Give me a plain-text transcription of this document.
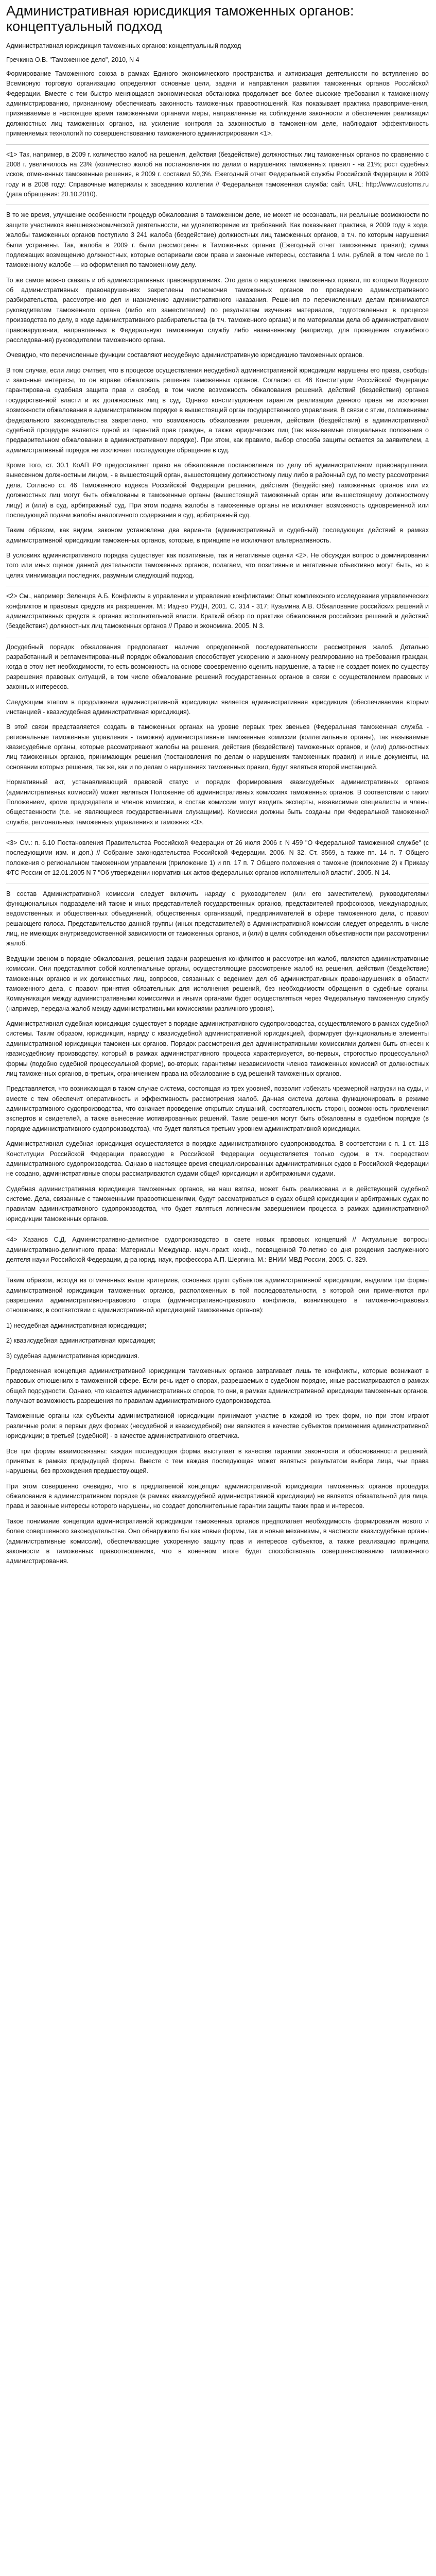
Административная юрисдикция таможенных органов: концептуальный подход
Административная юрисдикция таможенных органов: концептуальный подход
Гречкина О.В. "Таможенное дело", 2010, N 4

Формирование Таможенного союза в рамках Единого экономического пространства и активизация деятельности по вступлению во Всемирную торговую организацию определяют основные цели, задачи и направления развития таможенных органов Российской Федерации. Вместе с тем быстро меняющаяся экономическая обстановка продолжает все более высокие требования к таможенному администрированию, признанному обеспечивать законность таможенных правоотношений. Как показывает практика правоприменения, признаваемые в настоящее время таможенными органами меры, направленные на соблюдение законности и обеспечения реализации должностных лиц таможенных органов, на усиление контроля за законностью в таможенном деле, наблюдают эффективность применяемых технологий по совершенствованию таможенного администрирования <1>.

<1> Так, например, в 2009 г. количество жалоб на решения, действия (бездействие) должностных лиц таможенных органов по сравнению с 2008 г. увеличилось на 23% (количество жалоб на постановления по делам о нарушениях таможенных правил - на 21%; рост судебных исков, отмененных таможенные решения, в 2009 г. составил 50,3%. Ежегодный отчет Федеральной службы Российской Федерации в 2009 году и в 2008 году: Справочные материалы к заседанию коллегии // Федеральная таможенная служба: сайт. URL: http://www.customs.ru (дата обращения: 20.10.2010).

В то же время, улучшение особенности процедур обжалования в таможенном деле, не может не осознавать, ни реальные возможности по защите участников внешнеэкономической деятельности, ни удовлетворение их требований. Как показывает практика, в 2009 году в ходе, жалобы таможенных органов поступило 3 241 жалоба (бездействие) должностных лиц таможенных органов, в т.ч. по которым нарушения были устранены. Так, жалоба в 2009 г. были рассмотрены в Таможенных органах (Ежегодный отчет таможенных правил); сумма подлежащих возмещению должностных, которые оспаривали свои права и законные интересы, составила 1 млн. рублей, в том числе по 1 таможенному жалобе — из оформления по таможенному делу.

То же самое можно сказать и об административных правонарушениях. Это дела о нарушениях таможенных правил, по которым Кодексом об административных правонарушениях закреплены полномочия таможенных органов по проведению административного разбирательства, рассмотрению дел и назначению административного наказания. Решения по перечисленным делам принимаются руководителем таможенного органа (либо его заместителем) по результатам изучения материалов, подготовленных в процессе производства по делу, в ходе административного разбирательства (в т.ч. таможенного органа) и по материалам дела об административном правонарушении, направленных в Федеральную таможенную службу либо назначенному (например, для проведения служебного расследования) руководителем таможенного органа.

Очевидно, что перечисленные функции составляют несудебную административную юрисдикцию таможенных органов.

В том случае, если лицо считает, что в процессе осуществления несудебной административной юрисдикции нарушены его права, свободы и законные интересы, то он вправе обжаловать решения таможенных органов. Согласно ст. 46 Конституции Российской Федерации гарантирована судебная защита прав и свобод, в том числе возможность обжалования решений, действий (бездействия) органов государственной власти и их должностных лиц в суд. Однако конституционная гарантия реализации данного права не исключает возможности обжалования в административном порядке в вышестоящий орган государственного управления. В связи с этим, положениями федерального законодательства закреплено, что возможность обжалования решения, действия (бездействия) в административной судебной процедуре является одной из гарантий прав граждан, а также юридических лиц (так называемые специальных положения о предварительном обжаловании в административном порядке). При этом, как правило, выбор способа защиты остается за заявителем, а административный порядок не исключает последующее обращение в суд.

Кроме того, ст. 30.1 КоАП РФ предоставляет право на обжалование постановления по делу об административном правонарушении, вынесенном должностным лицом, - в вышестоящий орган, вышестоящему должностному лицу либо в районный суд по месту рассмотрения дела. Согласно ст. 46 Таможенного кодекса Российской Федерации решения, действия (бездействие) таможенных органов или их должностных лиц могут быть обжалованы в таможенные органы (вышестоящий таможенный орган или вышестоящему должностному лицу) и (или) в суд, арбитражный суд. При этом подача жалобы в таможенные органы не исключает возможность одновременной или последующей подачи жалобы аналогичного содержания в суд, арбитражный суд.

Таким образом, как видим, законом установлена два варианта (административный и судебный) последующих действий в рамках административной юрисдикции таможенных органов, которые, в принципе не исключают альтернативность.

В условиях административного порядка существует как позитивные, так и негативные оценки <2>. Не обсуждая вопрос о доминировании того или иных оценок данной деятельности таможенных органов, полагаем, что позитивные и негативные обьективно могут быть, но в целях минимизации последних, разумным следующий подход.

<2> См., например: Зеленцов А.Б. Конфликты в управлении и управление конфликтами: Опыт комплексного исследования управленческих конфликтов и правовых средств их разрешения. М.: Изд-во РУДН, 2001. С. 314 - 317; Кузьмина А.В. Обжалование российских решений и административных средств в органах исполнительной власти. Краткий обзор по практике обжалования российских решений и действий (бездействия) должностных лиц таможенных органов // Право и экономика. 2005. N 3.

Досудебный порядок обжалования предполагает наличие определенной последовательности рассмотрения жалоб. Детально разработанный и регламентированный порядок обжалования способствует ускорению и законному реагированию на требования граждан, когда в этом нет необходимости, то есть возможность на основе своевременно оценить нарушение, а также не создает помех по существу разрешения правовых ситуаций, в том числе обжалование решений государственных органов в связи с осуществлением правовых и законных интересов.

Следующим этапом в продолжении административной юрисдикции является административная юрисдикция (обеспечиваемая вторым инстанцией - квазисудебная административная юрисдикция).

В этой связи представляется создать в таможенных органах на уровне первых трех звеньев (Федеральная таможенная служба - региональные таможенные управления - таможня) административные таможенные комиссии (коллегиальные органы), так называемые квазисудебные органы, которые рассматривают жалобы на решения, действия (бездействие) таможенных органов, и (или) должностных лиц таможенных органов, принимающих решения (постановления по делам о нарушениях таможенных правил) и иные документы, на основании которых решения, так же, как и по делам о нарушениях таможенных правил, будут являться второй инстанцией.

Нормативный акт, устанавливающий правовой статус и порядок формирования квазисудебных административных органов (административных комиссий) может являться Положение об административных комиссиях таможенных органов. В соответствии с таким Положением, кроме председателя и членов комиссии, в состав комиссии могут входить эксперты, независимые специалисты и члены общественности (т.е. не являющиеся государственными служащими). Комиссии должны быть созданы при Федеральной таможенной службе, региональных таможенных управлениях и таможнях <3>.

<3> См.: п. 6.10 Постановления Правительства Российской Федерации от 26 июля 2006 г. N 459 "О Федеральной таможенной службе" (с последующими изм. и доп.) // Собрание законодательства Российской Федерации. 2006. N 32. Ст. 3569, а также пп. 14 п. 7 Общего положения о региональном таможенном управлении (приложение 1) и пп. 17 п. 7 Общего положения о таможне (приложение 2) к Приказу ФТС России от 12.01.2005 N 7 "Об утверждении нормативных актов федеральных органов исполнительной власти". 2005. N 14.

В состав Административной комиссии следует включить наряду с руководителем (или его заместителем), руководителями функциональных подразделений также и иных представителей государственных органов, представителей профсоюзов, международных, ведомственных и общественных объединений, общественных организаций, предпринимателей в сфере таможенного дела, с правом решающего голоса. Представительство данной группы (иных представителей) в Административной комиссии следует определять в числе лиц, не имеющих внутриведомственной зависимости от таможенных органов, и (или) в целях соблюдения объективности при рассмотрении жалоб.

Ведущим звеном в порядке обжалования, решения задачи разрешения конфликтов и рассмотрения жалоб, являются административные комиссии. Они представляют собой коллегиальные органы, осуществляющие рассмотрение жалоб на решения, действия (бездействие) таможенных органов и их должностных лиц, вопросов, связанных с ведением дел об административных правонарушениях в области таможенного дела, с правом принятия обязательных для исполнения решений, без необходимости обращения в судебные органы. Коммуникация между административными комиссиями и иными органами будет осуществляться через Федеральную таможенную службу (например, передача жалоб между административными комиссиями различного уровня).

Административная судебная юрисдикция существует в порядке административного судопроизводства, осуществляемого в рамках судебной системы. Таким образом, юрисдикция, наряду с квазисудебной административной юрисдикцией, формирует функциональные элементы административной юрисдикции таможенных органов. Порядок рассмотрения дел административными комиссиями должен быть отнесен к квазисудебному производству, который в рамках административного процесса характеризуется, во-первых, строгостью процессуальной формы (подобно судебной процессуальной форме), во-вторых, гарантиями независимости членов таможенных комиссий от должностных лиц таможенных органов, в-третьих, ограничением права на обжалование в суд решений таможенных органов.

Представляется, что возникающая в таком случае система, состоящая из трех уровней, позволит избежать чрезмерной нагрузки на суды, и вместе с тем обеспечит оперативность и эффективность рассмотрения жалоб. Данная система должна функционировать в режиме административного судопроизводства, что означает проведение открытых слушаний, состязательность сторон, возможность привлечения экспертов и свидетелей, а также вынесение мотивированных решений. Такие решения могут быть обжалованы в судебном порядке (в порядке административного судопроизводства), что будет являться третьим уровнем административной юрисдикции.

Административная судебная юрисдикция осуществляется в порядке административного судопроизводства. В соответствии с п. 1 ст. 118 Конституции Российской Федерации правосудие в Российской Федерации осуществляется только судом, в т.ч. посредством административного судопроизводства. Однако в настоящее время специализированных административных судов в Российской Федерации не создано, административные споры рассматриваются судами общей юрисдикции и арбитражными судами.

Судебная административная юрисдикция таможенных органов, на наш взгляд, может быть реализована и в действующей судебной системе. Дела, связанные с таможенными правоотношениями, будут рассматриваться в судах общей юрисдикции и арбитражных судах по правилам административного судопроизводства, что будет являться логическим завершением процесса в рамках административной юрисдикции таможенных органов.

<4> Хазанов С.Д. Административно-деликтное судопроизводство в свете новых правовых концепций // Актуальные вопросы административно-деликтного права: Материалы Междунар. науч.-практ. конф., посвященной 70-летию со дня рождения заслуженного деятеля науки Российской Федерации, д-ра юрид. наук, профессора А.П. Шергина. М.: ВНИИ МВД России, 2005. С. 329.

Таким образом, исходя из отмеченных выше критериев, основных групп субъектов административной юрисдикции, выделим три формы административной юрисдикции таможенных органов, расположенных в той последовательности, в которой они применяются при разрешении административно-правового спора (административно-правового конфликта, возникающего в таможенно-правовых отношениях, в соответствии с административной юрисдикцией таможенных органов):

1) несудебная административная юрисдикция;

2) квазисудебная административная юрисдикция;

3) судебная административная юрисдикция.

Предложенная концепция административной юрисдикции таможенных органов затрагивает лишь те конфликты, которые возникают в правовых отношениях в таможенной сфере. Если речь идет о спорах, разрешаемых в судебном порядке, иные рассматриваются в рамках общей подсудности. Однако, что касается административных споров, то они, в рамках административной юрисдикции таможенных органов, получают возможность разрешения по правилам административного судопроизводства.

Таможенные органы как субъекты административной юрисдикции принимают участие в каждой из трех форм, но при этом играют различные роли: в первых двух формах (несудебной и квазисудебной) они являются в качестве субъектов применения административной юрисдикции; в третьей (судебной) - в качестве административного ответчика.

Все три формы взаимосвязаны: каждая последующая форма выступает в качестве гарантии законности и обоснованности решений, принятых в рамках предыдущей формы. Вместе с тем каждая последующая может являться результатом выбора лица, чьи права нарушены, без прохождения предшествующей.

При этом совершенно очевидно, что в предлагаемой концепции административной юрисдикции таможенных органов процедура обжалования в административном порядке (в рамках квазисудебной административной юрисдикции) не является обязательной для лица, права и законные интересы которого нарушены, но создает дополнительные гарантии защиты таких прав и интересов.

Такое понимание концепции административной юрисдикции таможенных органов предполагает необходимость формирования нового и более совершенного законодательства. Оно обнаружило бы как новые формы, так и новые механизмы, в частности квазисудебные органы (административные комиссии), обеспечивающие ускоренную защиту прав и интересов субъектов, а также реализацию принципа законности в таможенных правоотношениях, что в конечном итоге будет способствовать совершенствованию таможенного администрирования.
